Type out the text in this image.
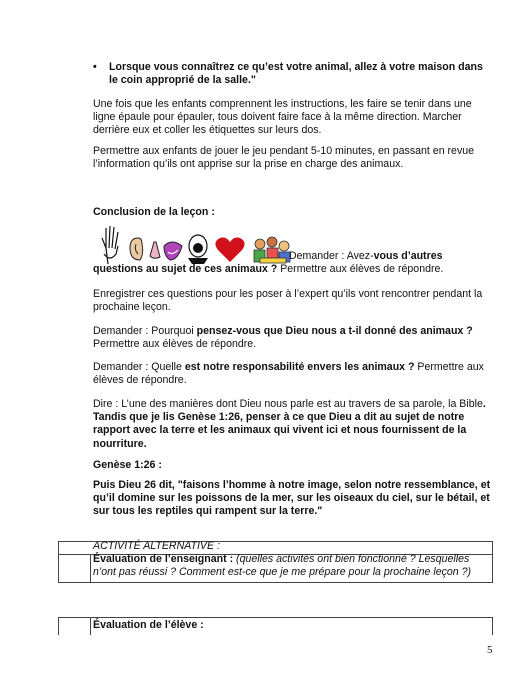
• Lorsque vous connaîtrez ce qu’est votre animal, allez à votre maison dans le coin approprié de la salle."
Une fois que les enfants comprennent les instructions, les faire se tenir dans une ligne épaule pour épauler, tous doivent faire face à la même direction. Marcher derrière eux et coller les étiquettes sur leurs dos.
Permettre aux enfants de jouer le jeu pendant 5-10 minutes, en passant en revue l’information qu’ils ont apprise sur la prise en charge des animaux.
Conclusion de la leçon :
Demander : Avez-vous d’autres questions au sujet de ces animaux ? Permettre aux élèves de répondre.
Enregistrer ces questions pour les poser à l’expert qu’ils vont rencontrer pendant la prochaine leçon.
Demander : Pourquoi pensez-vous que Dieu nous a t-il donné des animaux ? Permettre aux élèves de répondre.
Demander : Quelle est notre responsabilité envers les animaux ? Permettre aux élèves de répondre.
Dire : L’une des manières dont Dieu nous parle est au travers de sa parole, la Bible. Tandis que je lis Genèse 1:26, penser à ce que Dieu a dit au sujet de notre rapport avec la terre et les animaux qui vivent ici et nous fournissent de la nourriture.
Genèse 1:26 :
Puis Dieu 26 dit, "faisons l’homme à notre image, selon notre ressemblance, et qu’il domine sur les poissons de la mer, sur les oiseaux du ciel, sur le bétail, et sur tous les reptiles qui rampent sur la terre."
ACTIVITÉ ALTERNATIVE :
Évaluation de l’enseignant : (quelles activités ont bien fonctionné ? Lesquelles n’ont pas réussi ? Comment est-ce que je me prépare pour la prochaine leçon ?)
Évaluation de l’élève :
5
